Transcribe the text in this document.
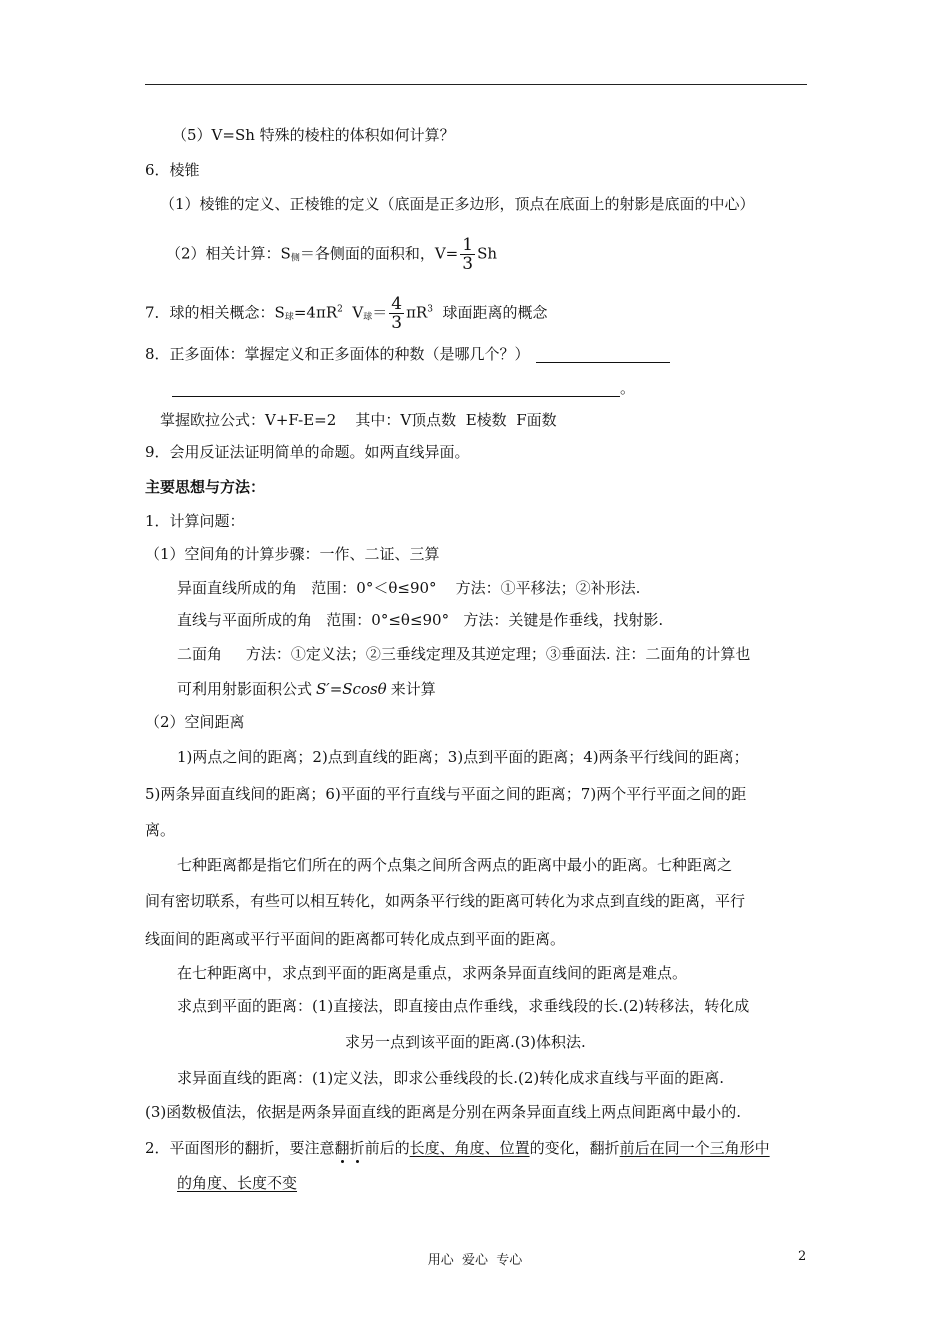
（5）V=Sh 特殊的棱柱的体积如何计算？
6．棱锥
（1）棱锥的定义、正棱锥的定义（底面是正多边形，顶点在底面上的射影是底面的中心）
（2）相关计算：$S_侧=$各侧面的面积和，$V= \frac{1}{3}$ Sh
7．球的相关概念：$S_球=4\pi R^2$  $V_球= \frac{4}{3} \pi R^3$  球面距离的概念
8．正多面体：掌握定义和正多面体的种数（是哪几个？）
。
掌握欧拉公式：V+F-E=2    其中：V顶点数  E棱数  F面数
9．会用反证法证明简单的命题。如两直线异面。
主要思想与方法：
1．计算问题：
（1）空间角的计算步骤：一作、二证、三算
异面直线所成的角   范围：0°＜θ≤90°    方法：①平移法；②补形法.
直线与平面所成的角   范围：0°≤θ≤90°   方法：关键是作垂线，找射影.
二面角     方法：①定义法；②三垂线定理及其逆定理；③垂面法. 注：二面角的计算也
可利用射影面积公式 S′=Scosθ 来计算
（2）空间距离
1)两点之间的距离；2)点到直线的距离；3)点到平面的距离；4)两条平行线间的距离；
5)两条异面直线间的距离；6)平面的平行直线与平面之间的距离；7)两个平行平面之间的距
离。
七种距离都是指它们所在的两个点集之间所含两点的距离中最小的距离。七种距离之
间有密切联系，有些可以相互转化，如两条平行线的距离可转化为求点到直线的距离，平行
线面间的距离或平行平面间的距离都可转化成点到平面的距离。
在七种距离中，求点到平面的距离是重点，求两条异面直线间的距离是难点。
求点到平面的距离：(1)直接法，即直接由点作垂线，求垂线段的长.(2)转移法，转化成
求另一点到该平面的距离.(3)体积法.
求异面直线的距离：(1)定义法，即求公垂线段的长.(2)转化成求直线与平面的距离.
(3)函数极值法，依据是两条异面直线的距离是分别在两条异面直线上两点间距离中最小的.
2．平面图形的翻折，要注意翻折前后的长度、角度、位置的变化，翻折前后在同一个三角形中
的角度、长度不变
用心  爱心  专心	2
